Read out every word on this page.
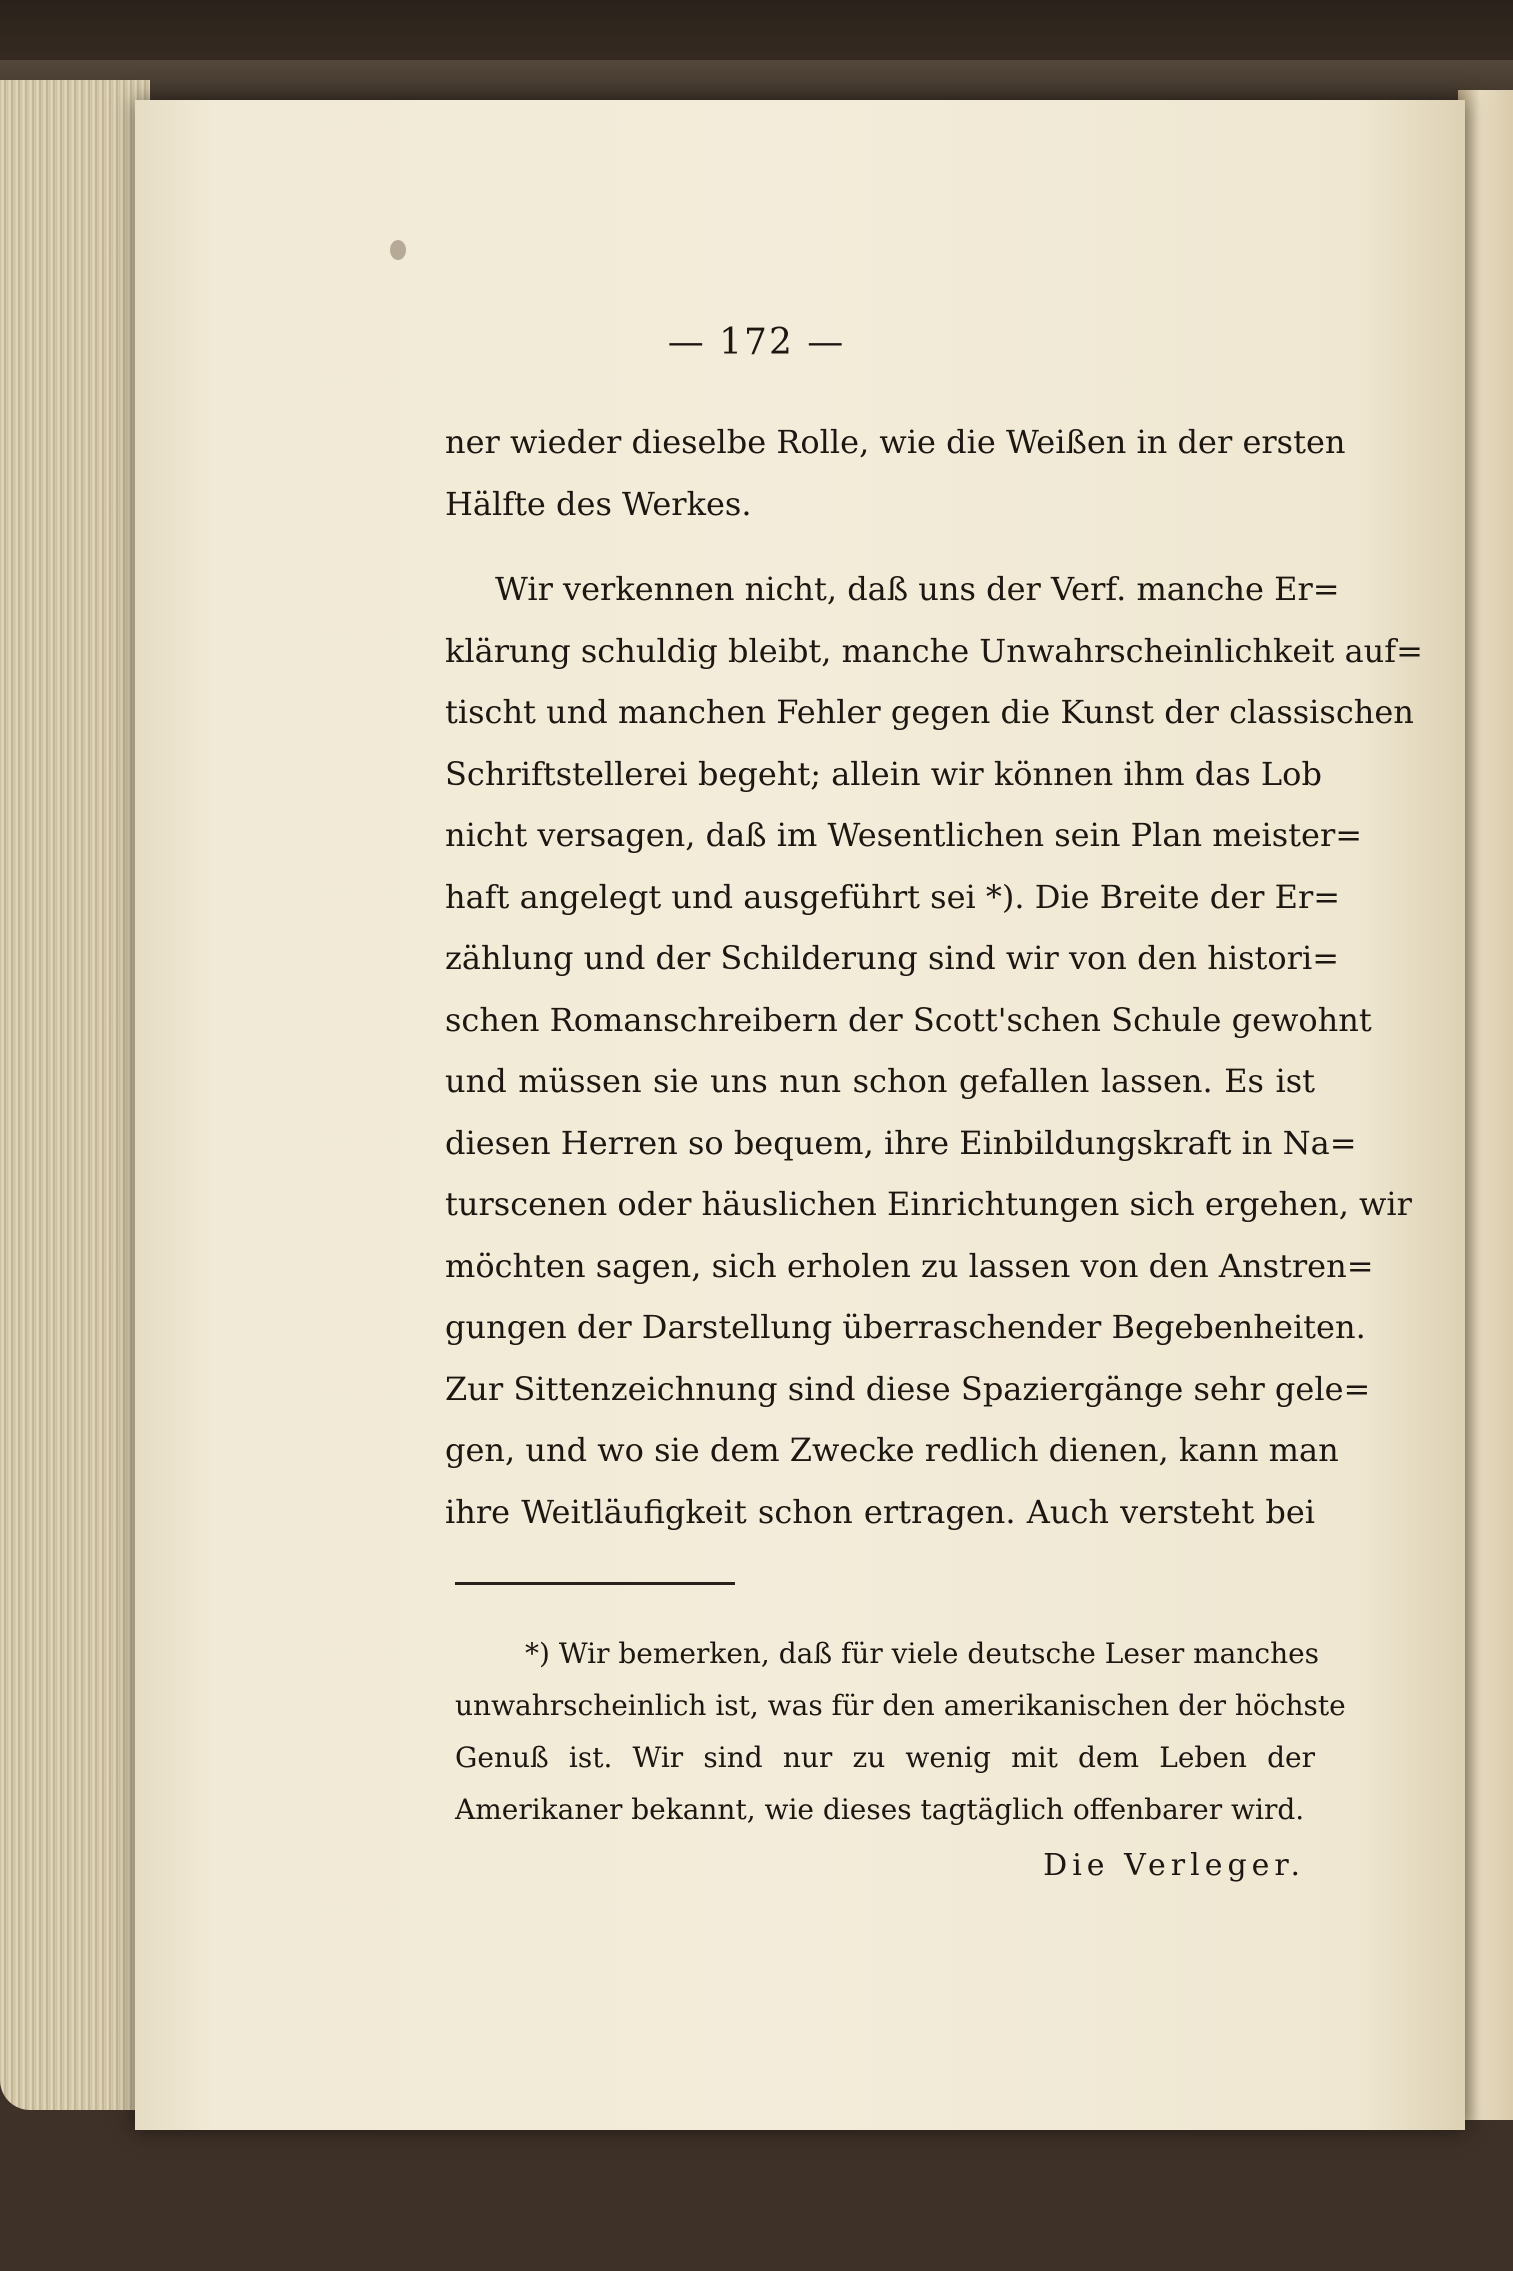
— 172 —
ner wieder dieselbe Rolle, wie die Weißen in der ersten
Hälfte des Werkes.
Wir verkennen nicht, daß uns der Verf. manche Er=
klärung schuldig bleibt, manche Unwahrscheinlichkeit auf=
tischt und manchen Fehler gegen die Kunst der classischen
Schriftstellerei begeht; allein wir können ihm das Lob
nicht versagen, daß im Wesentlichen sein Plan meister=
haft angelegt und ausgeführt sei *). Die Breite der Er=
zählung und der Schilderung sind wir von den histori=
schen Romanschreibern der Scott'schen Schule gewohnt
und müssen sie uns nun schon gefallen lassen. Es ist
diesen Herren so bequem, ihre Einbildungskraft in Na=
turscenen oder häuslichen Einrichtungen sich ergehen, wir
möchten sagen, sich erholen zu lassen von den Anstren=
gungen der Darstellung überraschender Begebenheiten.
Zur Sittenzeichnung sind diese Spaziergänge sehr gele=
gen, und wo sie dem Zwecke redlich dienen, kann man
ihre Weitläufigkeit schon ertragen. Auch versteht bei
*) Wir bemerken, daß für viele deutsche Leser manches
unwahrscheinlich ist, was für den amerikanischen der höchste
Genuß ist. Wir sind nur zu wenig mit dem Leben der
Amerikaner bekannt, wie dieses tagtäglich offenbarer wird.
Die Verleger.
